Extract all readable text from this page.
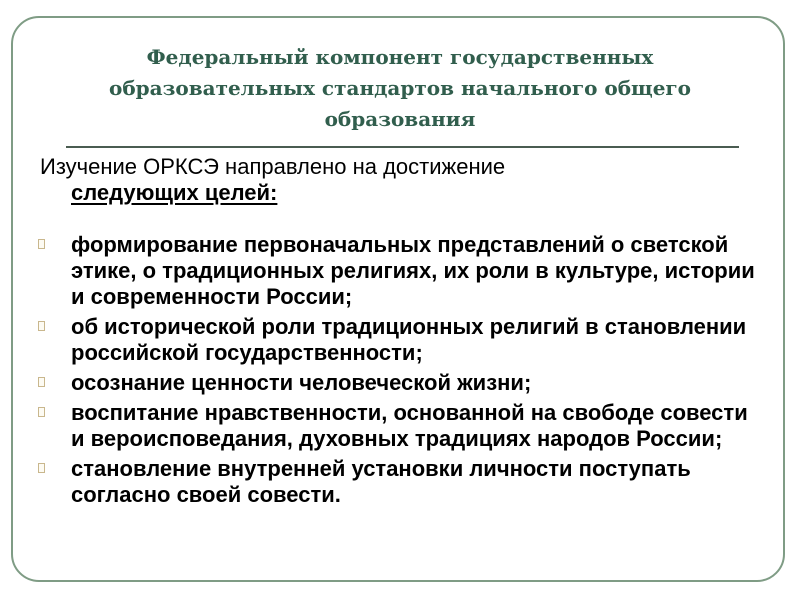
Федеральный компонент государственных
образовательных стандартов начального общего
образования

Изучение ОРКСЭ направлено на достижение
следующих целей:

формирование первоначальных представлений о светской этике, о традиционных религиях, их роли в культуре, истории и современности России;
об исторической роли традиционных религий в становлении российской государственности;
осознание ценности человеческой жизни;
воспитание нравственности, основанной на свободе совести и вероисповедания, духовных традициях народов России;
становление внутренней установки личности поступать согласно своей совести.
